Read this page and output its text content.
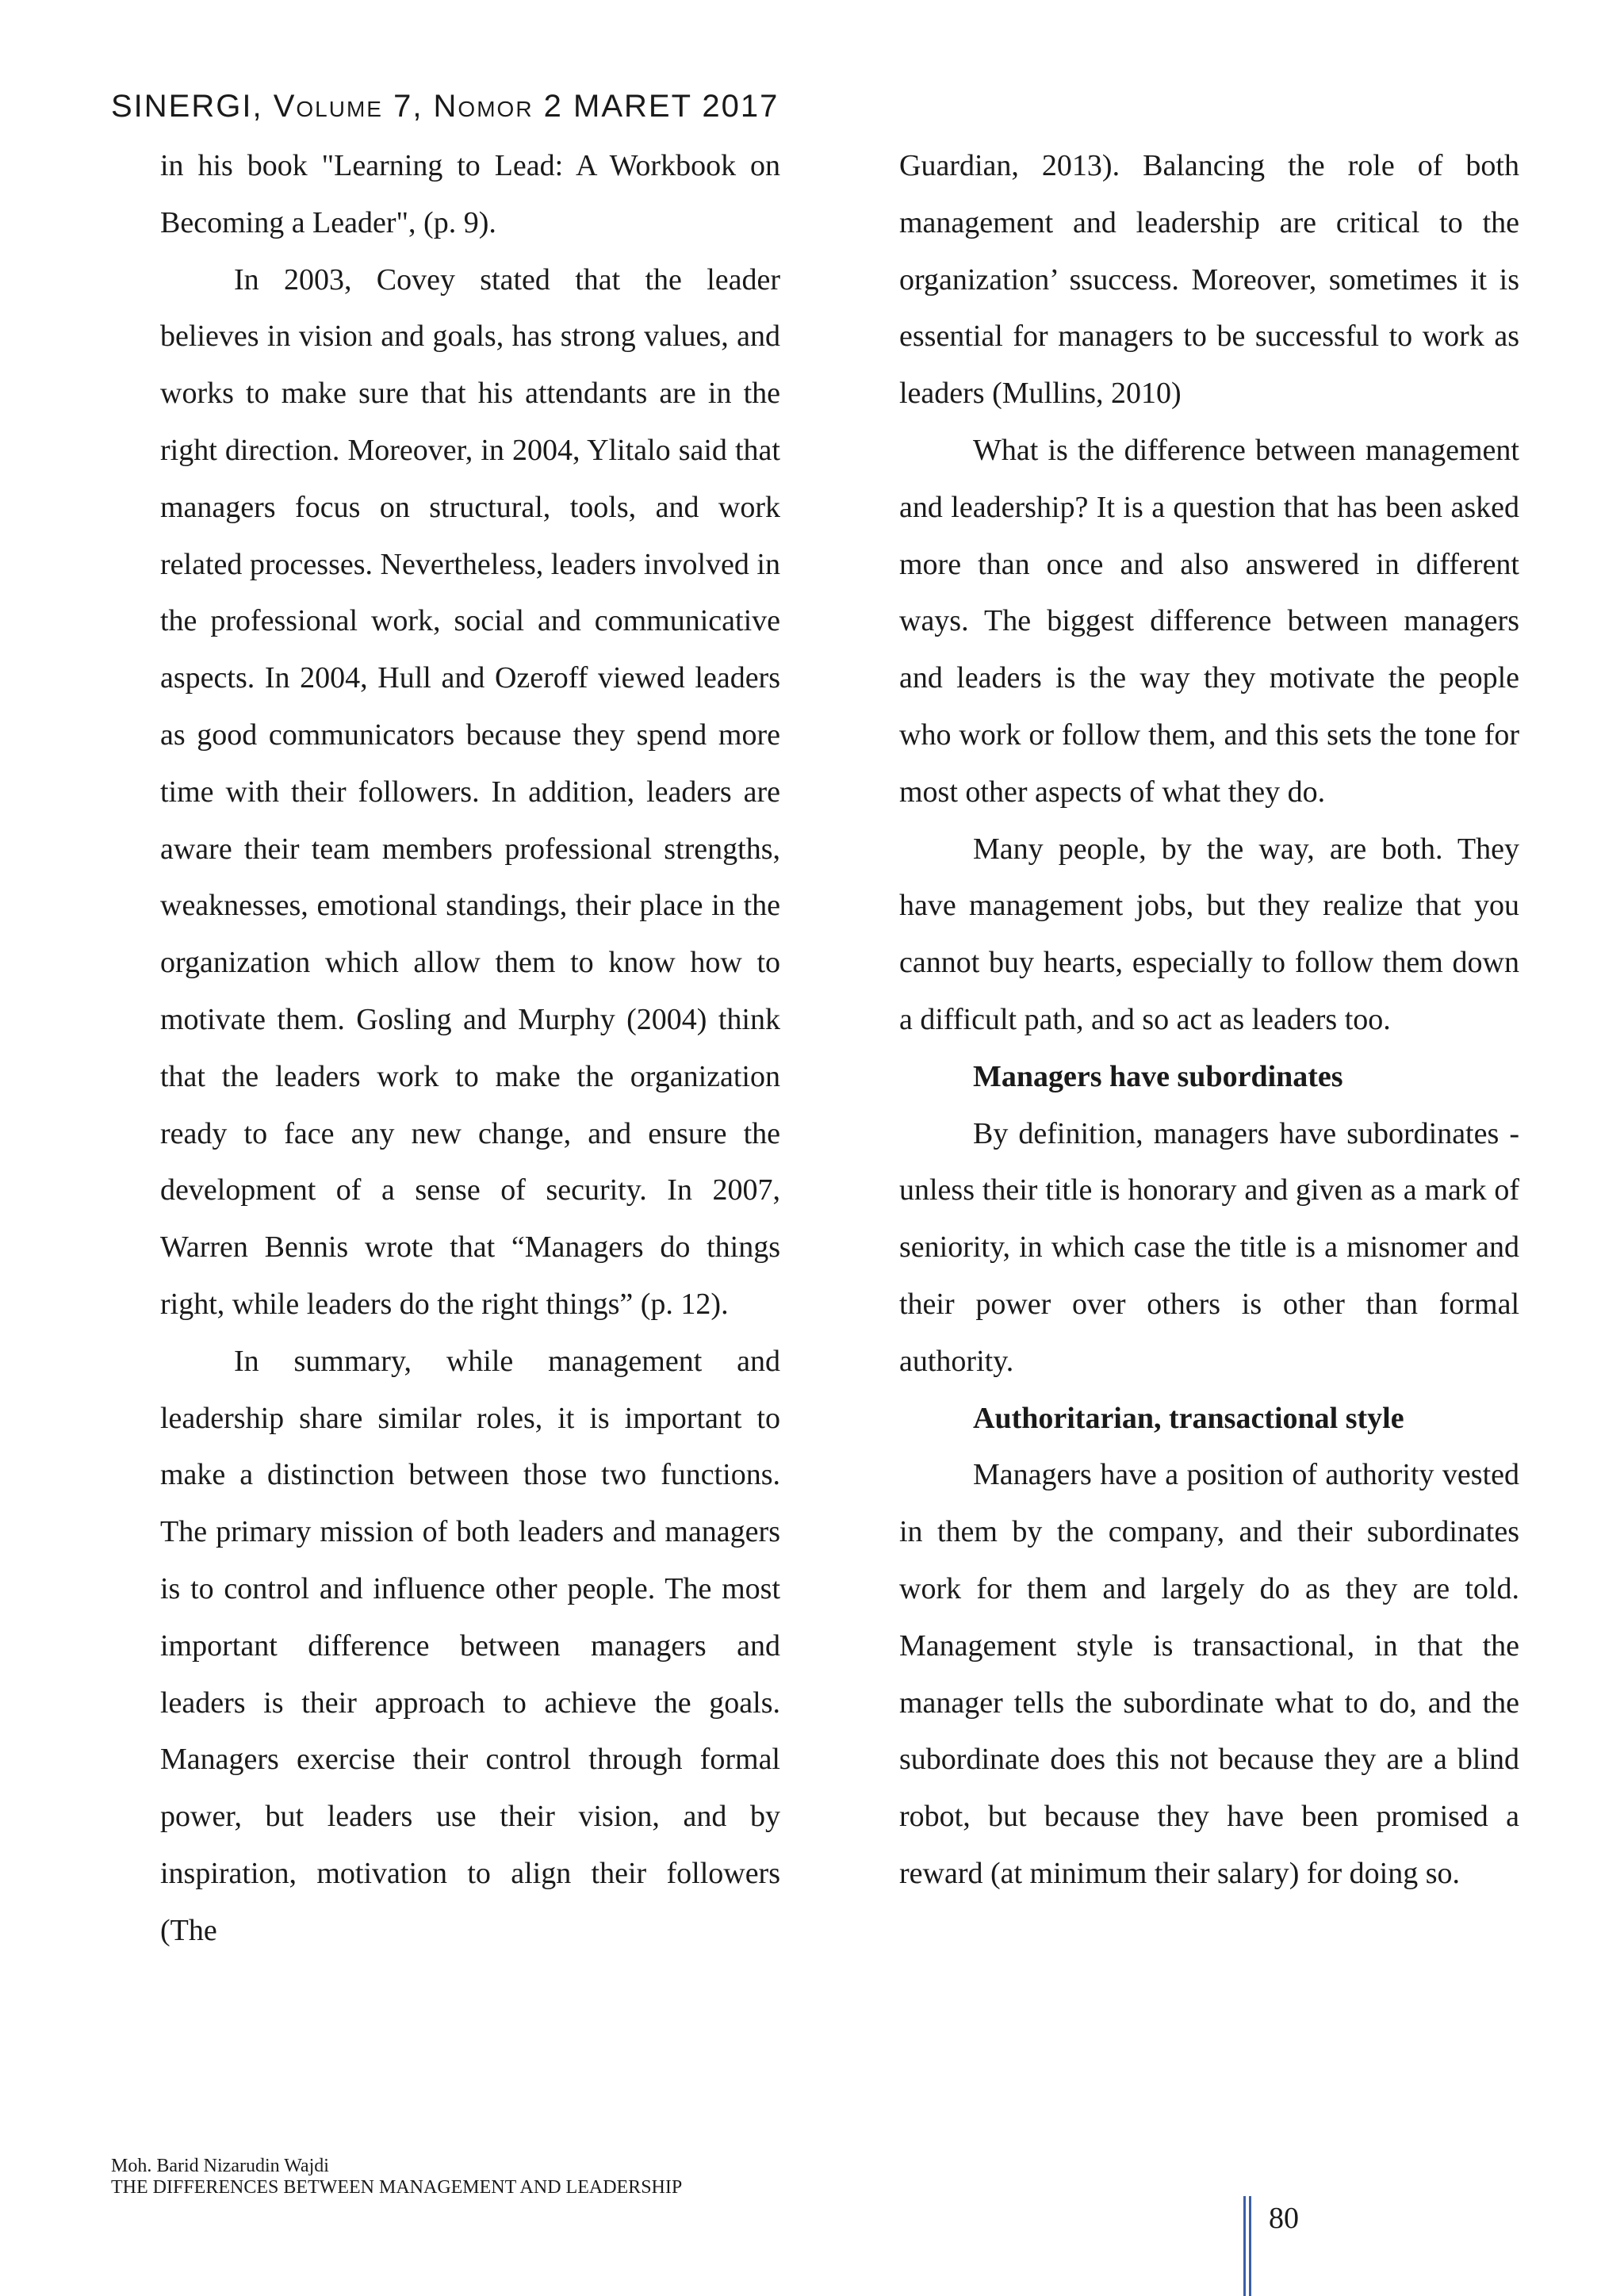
SINERGI, Volume 7, Nomor 2 MARET 2017

in his book "Learning to Lead: A Workbook on Becoming a Leader", (p. 9).

In 2003, Covey stated that the leader believes in vision and goals, has strong values, and works to make sure that his attendants are in the right direction. Moreover, in 2004, Ylitalo said that managers focus on structural, tools, and work related processes. Nevertheless, leaders involved in the professional work, social and communicative aspects. In 2004, Hull and Ozeroff viewed leaders as good communicators because they spend more time with their followers. In addition, leaders are aware their team members professional strengths, weaknesses, emotional standings, their place in the organization which allow them to know how to motivate them. Gosling and Murphy (2004) think that the leaders work to make the organization ready to face any new change, and ensure the development of a sense of security. In 2007, Warren Bennis wrote that “Managers do things right, while leaders do the right things” (p. 12).

In summary, while management and leadership share similar roles, it is important to make a distinction between those two functions. The primary mission of both leaders and managers is to control and influence other people. The most important difference between managers and leaders is their approach to achieve the goals. Managers exercise their control through formal power, but leaders use their vision, and by inspiration, motivation to align their followers (The

Guardian, 2013). Balancing the role of both management and leadership are critical to the organization’ ssuccess. Moreover, sometimes it is essential for managers to be successful to work as leaders (Mullins, 2010)

What is the difference between management and leadership? It is a question that has been asked more than once and also answered in different ways. The biggest difference between managers and leaders is the way they motivate the people who work or follow them, and this sets the tone for most other aspects of what they do.

Many people, by the way, are both. They have management jobs, but they realize that you cannot buy hearts, especially to follow them down a difficult path, and so act as leaders too.

Managers have subordinates

By definition, managers have subordinates - unless their title is honorary and given as a mark of seniority, in which case the title is a misnomer and their power over others is other than formal authority.

Authoritarian, transactional style

Managers have a position of authority vested in them by the company, and their subordinates work for them and largely do as they are told. Management style is transactional, in that the manager tells the subordinate what to do, and the subordinate does this not because they are a blind robot, but because they have been promised a reward (at minimum their salary) for doing so.

Moh. Barid Nizarudin Wajdi
THE DIFFERENCES BETWEEN MANAGEMENT AND LEADERSHIP
80
